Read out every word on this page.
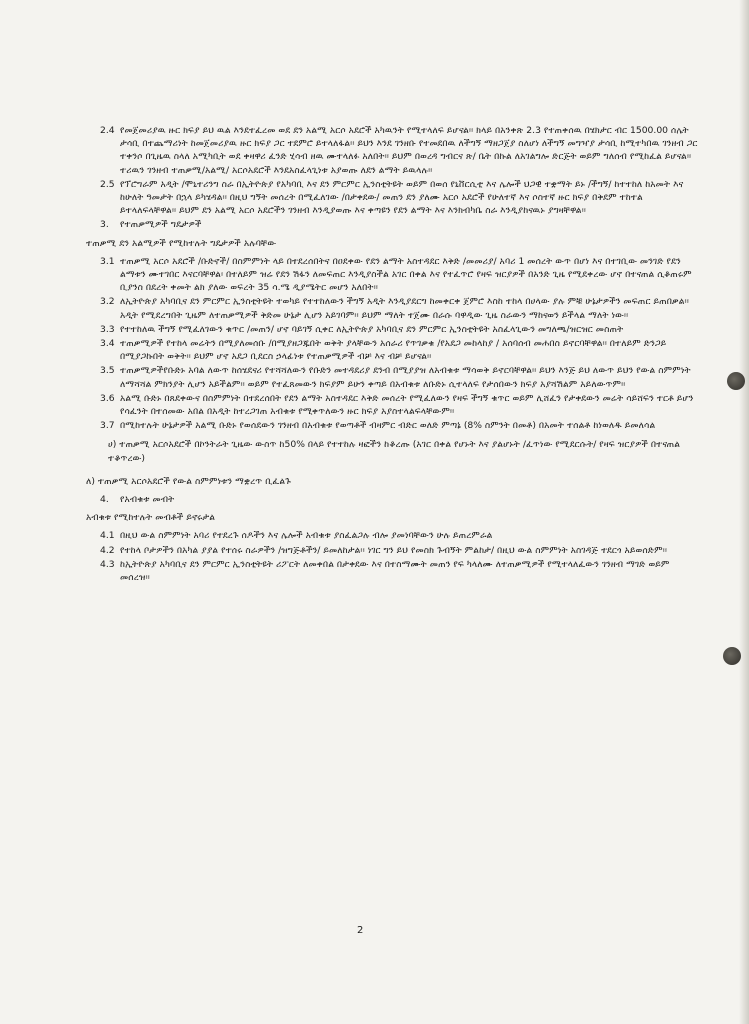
2.4 የመጀመሪያዉ ዙር ክፍያ ይህ ዉል እንደተፈረመ ወደ ደን አልሚ አርሶ አደሮች አካዉንት የሚተላለፍ ይሆናል፡፡ ክላይ በአንቀጽ 2.3 የተጠቀሰዉ በሄክታር ብር 1500.00 ሰሌት ታሳቢ በተጨማሪነት ከመጀመሪያዉ ዙር ክፍያ ጋር ተደምሮ ይተላለፋል፡፡ ይህን እንደ ገንዘቡ የተመደበዉ ለችግኝ ማዘጋጀያ ስለሆነ ለችግኝ መግዣያ ታሳቢ ከሚተካበዉ ገንዘብ ጋር ተቀንሶ በጊዜዉ ስላለ አሚካቢት ወደ ቀዛዋሪ ፈንድ ሂሳብ ዘዉ ሙተላለፉ አለበት፡፡ ይህም በወረዳ ግብርና ጽ/ ቤት በኩል ለአገልግሎ ድርጅት ወይም ግለሰብ የሚከፈል ይሆናል፡፡ ተሪዉን ገንዘብ ተጠቃሚ/አልሚ/ አርሶአደሮች እንደአስፈላጊነቱ አያወጡ ለደን ልማት ይዉላሉ፡፡
2.5 የፕሮግራም አዲት /ሞኒተሪንግ ስራ በኢትዮጵያ የአካባቢ እና ደን ምርምር ኢንስቲትዩት ወይም በወሰ የኒቨርሲቲ እና ሌሎች ህጋዊ ተቋማት ይኑ /ችግኝ/ ከተተከለ ከአመት እና ከሁለት ዓመታት በኋላ ይካሄዳል፡፡ በዚህ ግኝት መሰረት በሚፈለገው /በታቀደው/ መጠን ደን ያለሙ አርሶ አደሮች የሁለተኛ እና ሶስተኛ ዙር ክፍያ በቅደም ተከተል ይተላለፍላቸዋል፡፡ ይህም ደን አልሚ አርሶ አደሮችን ገንዘብ እንዲያወጡ እና ቀጣዩን የደን ልማት እና እንክብካቤ ስራ እንዲያከናዉኑ ያግዛቸዋል፡፡
3.	የተጠቃሚዎች ግዴታዎች
ተጠቃሚ ደን አልሚዎች የሚከተሉት ግዴታዎች አሉባቸው
3.1 ተጠቃሚ አርሶ አደሮች /ቡድኖች/ በስምምነት ላይ በተደረሰበትና በዐደቀው የደን ልማት አስተዳደር እቅድ /መመሪያ/ አባሪ 1 መሰረት ውጥ በሆነ እና በተገቢው መንገድ የደን ልማቱን ሙተገበር እናርባቸዋል፡ በተለይም ዝሬ የደን ሽፋን ለመፍጠር እንዲያስችል አገር በቀል እና የተፈጥሮ የዛፍ ዝርያዎች በአንድ ጊዜ የሚደቀረው ሆኖ በተናጠል ሲቆጠሩም ቢያንስ በደረት ቀመት ልክ ያለው ወፍረት 35 ሳ.ሜ ዲያሜትር መሆን አለበት፡፡
3.2 ለኢትዮጵያ አካባቢና ደን ምርምር ኢንስቲትዩት ተወካይ የተተከለውን ችግኝ አዲት እንዲያደርግ ከመቀርቀ ጀምሮ እስከ ተከላ በሀላው ያሉ ምቹ ሁኔታዎችን መፍጠር ይጠበቃል፡፡ አዲት የሚደረግበት ጊዜም ለተጠቃሚዎች ቅድመ ሁኔታ ሊሆን አይገባም፡፡ ይህም ማለት ተጀሙ በራሱ ባዋዲው ጊዜ ስራውን ማከናወን ይችላል ማለት ነው፡፡
3.3 የተተከለዉ ችግኝ የሚፈለገውን ቁጥር /መጠን/ ሆኖ ባይገኝ ሲቀር ለኢትዮጵያ አካባቢና ደን ምርምር ኢንስቲትዩት አስፈላጊውን መግለጫ/ዝርዝር መስጠት
3.4 ተጠቃሚዎች የተከላ መሬትን በሚያለመሰቡ /በሚያዘጋጁበት ወቅት ያላቸውን አሰራሪ የጥገቃቁ /የአደጋ መከላከያ / አሰባሰብ መሐበስ ይኖርባቸዋል፡፡ በተለይም ድንጋይ በሚያጋኩበት ወቅት፡፡ ይህም ሆኖ አደጋ ቢደርስ ኃላፊነቱ የተጠቃሚዎች ብቻ እና ብቻ ይሆናል፡፡
3.5 ተጠቃሚዎችየቡድኑ አባል ለውጥ ከሰሄደናሪ የተሻሻለውን የቡድን መተዳደሪያ ደንብ በሚያያዝ ለአብቁቱ ማሳወቅ ይኖርባቸዋል፡፡ ይህን እንጅ ይህ ለውጥ ይህን የውል ስምምነት ለማሻሻል ምክንያት ሊሆን አይችልም፡፡ ወይም የተፈጸመውን ክፍያም ይሁን ቀጣይ በአብቁቱ ለቡድኑ ሲተላለፍ የታሰበውን ክፍያ አያሻሽልም አይለውጥም፡፡
3.6 አልሚ ቡድኑ በጸደቀውና በስምምነት በተደረሰበት የደን ልማት አስተዳደር እቅድ መሰረት የሚፈለውን የዛፍ ችግኝ ቁጥር ወይም ሊሸፈን የታቀደውን መሬት ሳይሸፍን ተርቶ ይሆን የሳፈንት በተሰመው አበል በአዲት ከተረጋገጠ አብቁቱ የሚቀጥለውን ዙር ክፍያ አያስተላልፍላቸውም፡፡
3.7 በሚከተሉት ሁኔታዎች አልሚ ቡድኑ የወሰደውን ገንዘብ በአብቁቱ የወጣቶች ብዛምር ብድር ወለድ ምጣኔ (8% ስምንት በመቶ) በአመት ተሰልቶ ከነወለዱ ይመለሳል
ሀ) ተጠቃሚ አርሶአደሮች በኮንትራት ጊዜው ውስጥ ከ50% በላይ የተተከሉ ዛፎችን ከቆረጡ (አገር በቀል የሆኑት እና ያልሆኑት /ፈጥነው የሚደርሱት/ የዛፍ ዝርያዎች በተናጠል ተቆጥረው)
ለ) ተጠቃሚ አርሶአደሮች የውል ስምምነቱን ማቋረጥ ቢፈልጉ
4.	የአብቁቱ መብት
አብቁቱ የሚከተሉት መብቶች ይኖሩታል
4.1 በዚህ ውል ስምምነት አባሪ የተደረጉ ሰዶችን እና ሌሎች አብቁቱ ያስፈልጋሉ ብሎ ያመነባቸውን ሁሉ ይጠረምራል
4.2 የተከላ ቦታዎችን በአካል ያያል የተሰሩ ስራዎችን /ዝግጅቶችን/ ይመለከታል፡፡ ነገር ግን ይህ የመስክ ጉብኝት ምልከታ/ በዚህ ውል ስምምነት አስገዳጅ ተደርጎ አይወሰድም፡፡
4.3 ከኢትዮጵያ አካባቢና ደን ምርምር ኢንስቲትዩት ሪፖርት ለመቀበል በታቀደው እና በተስማሙት መጠን የፍ ካላለሙ ለተጠቃሚዎች የሚተላለፈውን ገንዘብ ማገድ ወይም መሰረዝ፡፡
2
